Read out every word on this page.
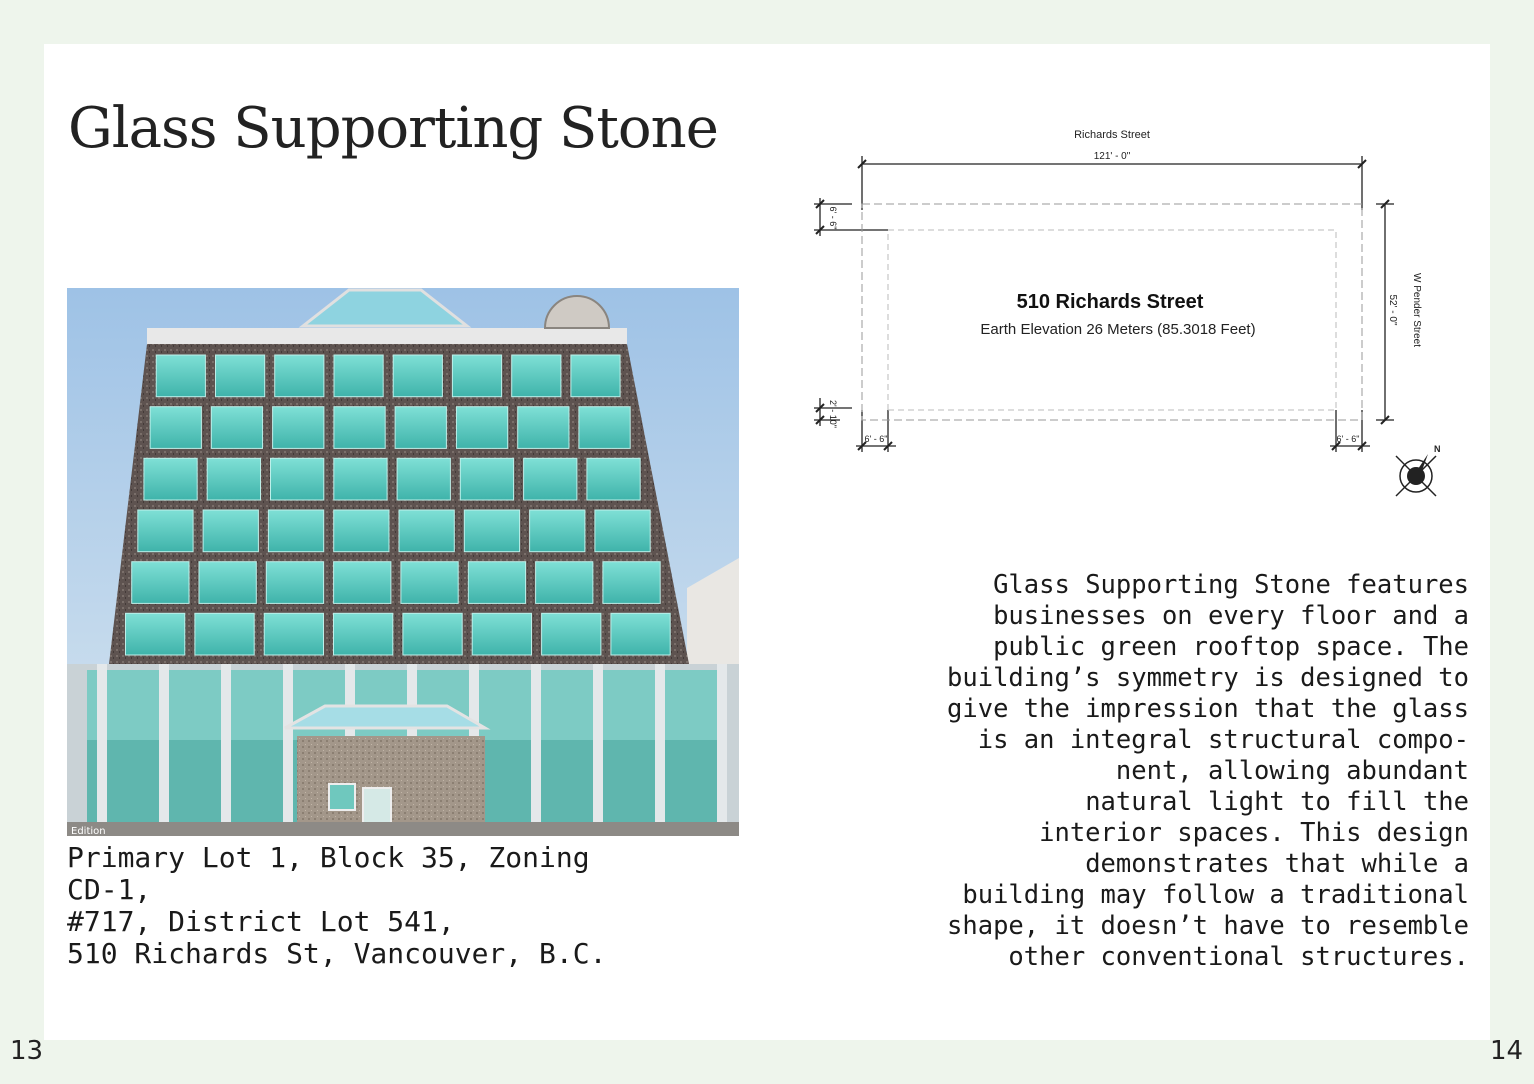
13	14
Glass Supporting Stone
Edition
Primary Lot 1, Block 35, Zoning
CD-1,
#717, District Lot 541,
510 Richards St, Vancouver, B.C.
Richards Street
121' - 0"
510 Richards Street
Earth Elevation 26 Meters (85.3018 Feet)	W Pender Street
52' - 0"
6' - 6"
2' - 10"
6' - 6"	6' - 6"
N
Glass Supporting Stone features
businesses on every floor and a
public green rooftop space. The
building’s symmetry is designed to
give the impression that the glass
is an integral structural compo-
nent, allowing abundant
natural light to fill the
interior spaces. This design
demonstrates that while a
building may follow a traditional
shape, it doesn’t have to resemble
other conventional structures.
